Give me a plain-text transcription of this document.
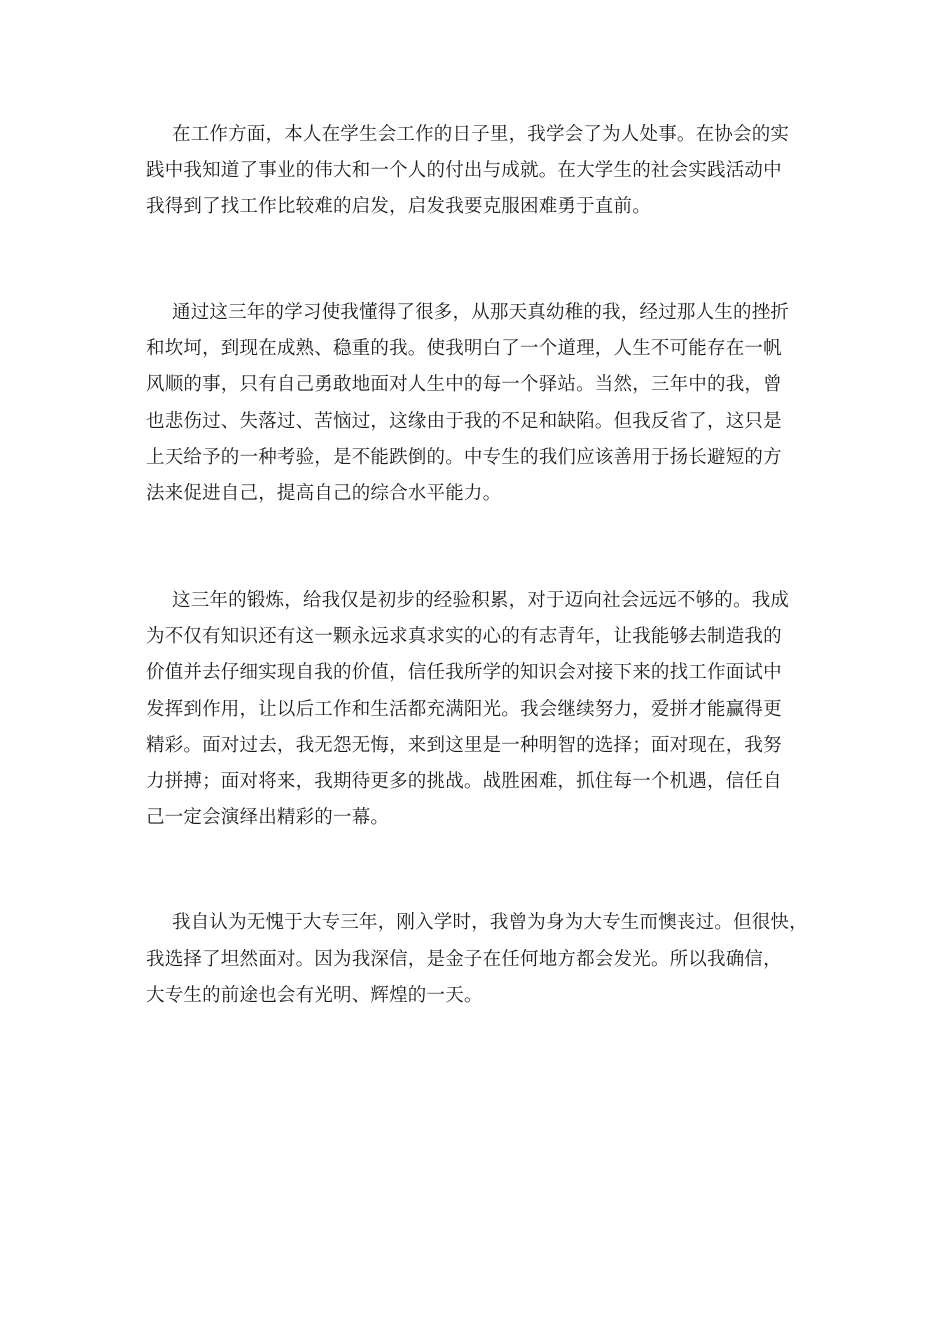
在工作方面，本人在学生会工作的日子里，我学会了为人处事。在协会的实
践中我知道了事业的伟大和一个人的付出与成就。在大学生的社会实践活动中
我得到了找工作比较难的启发，启发我要克服困难勇于直前。
通过这三年的学习使我懂得了很多，从那天真幼稚的我，经过那人生的挫折
和坎坷，到现在成熟、稳重的我。使我明白了一个道理，人生不可能存在一帆
风顺的事，只有自己勇敢地面对人生中的每一个驿站。当然，三年中的我，曾
也悲伤过、失落过、苦恼过，这缘由于我的不足和缺陷。但我反省了，这只是
上天给予的一种考验，是不能跌倒的。中专生的我们应该善用于扬长避短的方
法来促进自己，提高自己的综合水平能力。
这三年的锻炼，给我仅是初步的经验积累，对于迈向社会远远不够的。我成
为不仅有知识还有这一颗永远求真求实的心的有志青年，让我能够去制造我的
价值并去仔细实现自我的价值，信任我所学的知识会对接下来的找工作面试中
发挥到作用，让以后工作和生活都充满阳光。我会继续努力，爱拼才能赢得更
精彩。面对过去，我无怨无悔，来到这里是一种明智的选择；面对现在，我努
力拼搏；面对将来，我期待更多的挑战。战胜困难，抓住每一个机遇，信任自
己一定会演绎出精彩的一幕。
我自认为无愧于大专三年，刚入学时，我曾为身为大专生而懊丧过。但很快，
我选择了坦然面对。因为我深信，是金子在任何地方都会发光。所以我确信，
大专生的前途也会有光明、辉煌的一天。
